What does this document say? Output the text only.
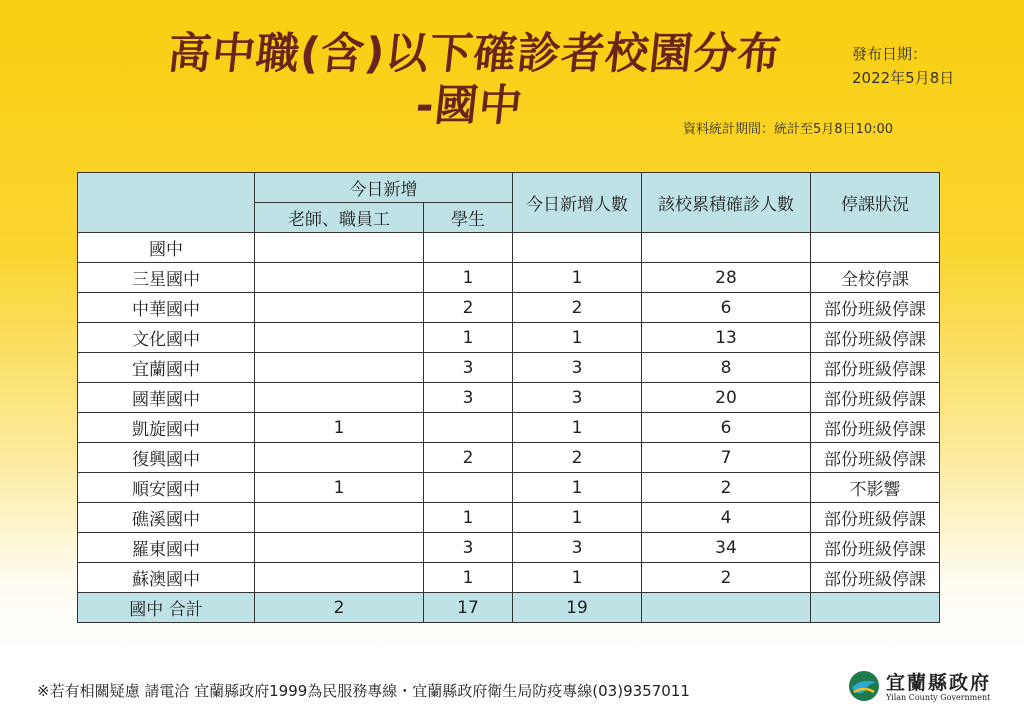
高中職(含)以下確診者校園分布
-國中
發布日期：
2022年5月8日
資料統計期間：統計至5月8日10:00
	今日新增		今日新增人數	該校累積確診人數	停課狀況
	老師、職員工	學生			
國中					
三星國中		1	1	28	全校停課
中華國中		2	2	6	部份班級停課
文化國中		1	1	13	部份班級停課
宜蘭國中		3	3	8	部份班級停課
國華國中		3	3	20	部份班級停課
凱旋國中	1		1	6	部份班級停課
復興國中		2	2	7	部份班級停課
順安國中	1		1	2	不影響
礁溪國中		1	1	4	部份班級停課
羅東國中		3	3	34	部份班級停課
蘇澳國中		1	1	2	部份班級停課
國中 合計	2	17	19		
※若有相關疑慮 請電洽 宜蘭縣政府1999為民服務專線・宜蘭縣政府衛生局防疫專線(03)9357011	宜蘭縣政府
Yilan County Government
